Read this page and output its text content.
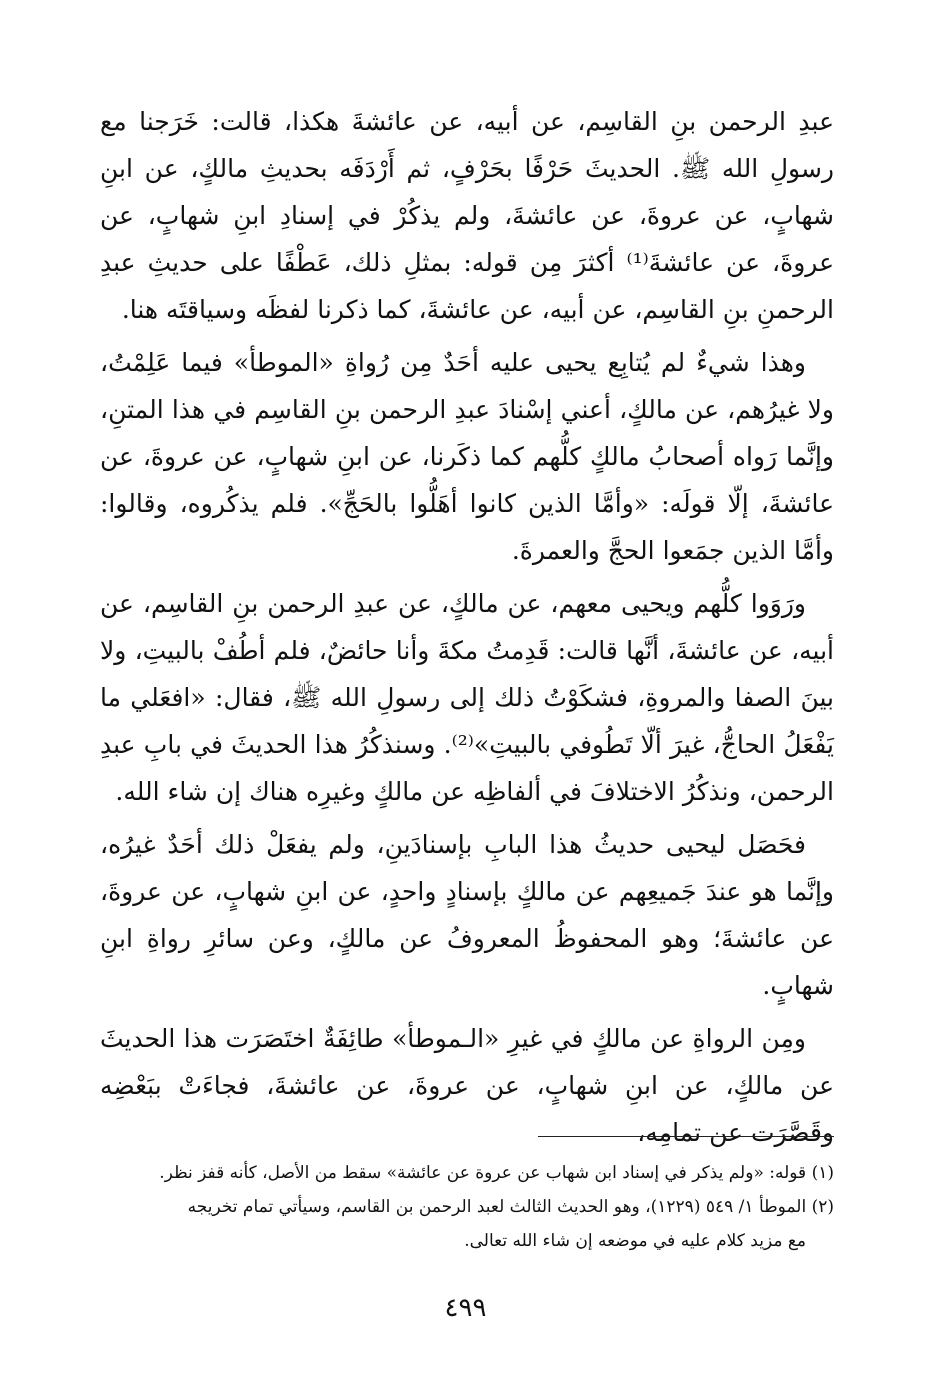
عبدِ الرحمن بنِ القاسِم، عن أبيه، عن عائشةَ هكذا، قالت: خَرَجنا مع رسولِ الله ﷺ. الحديثَ حَرْفًا بحَرْفٍ، ثم أَرْدَفَه بحديثِ مالكٍ، عن ابنِ شهابٍ، عن عروةَ، عن عائشةَ، ولم يذكُرْ في إسنادِ ابنِ شهابٍ، عن عروةَ، عن عائشةَ⁽¹⁾ أكثرَ مِن قوله: بمثلِ ذلك، عَطْفًا على حديثِ عبدِ الرحمنِ بنِ القاسِم، عن أبيه، عن عائشةَ، كما ذكرنا لفظَه وسياقتَه هنا.

وهذا شيءٌ لم يُتابِع يحيى عليه أحَدٌ مِن رُواةِ «الموطأ» فيما عَلِمْتُ، ولا غيرُهم، عن مالكٍ، أعني إسْنادَ عبدِ الرحمن بنِ القاسِم في هذا المتنِ، وإنَّما رَواه أصحابُ مالكٍ كلُّهم كما ذكَرنا، عن ابنِ شهابٍ، عن عروةَ، عن عائشةَ، إلّا قولَه: «وأمَّا الذين كانوا أهَلُّوا بالحَجِّ». فلم يذكُروه، وقالوا: وأمَّا الذين جمَعوا الحجَّ والعمرةَ.

ورَوَوا كلُّهم ويحيى معهم، عن مالكٍ، عن عبدِ الرحمن بنِ القاسِم، عن أبيه، عن عائشةَ، أنَّها قالت: قَدِمتُ مكةَ وأنا حائضٌ، فلم أطُفْ بالبيتِ، ولا بينَ الصفا والمروةِ، فشكَوْتُ ذلك إلى رسولِ الله ﷺ، فقال: «افعَلي ما يَفْعَلُ الحاجُّ، غيرَ ألّا تَطُوفي بالبيتِ»⁽²⁾. وسنذكُرُ هذا الحديثَ في بابِ عبدِ الرحمن، ونذكُرُ الاختلافَ في ألفاظِه عن مالكٍ وغيرِه هناك إن شاء الله.

فحَصَل ليحيى حديثُ هذا البابِ بإسنادَينِ، ولم يفعَلْ ذلك أحَدٌ غيرُه، وإنَّما هو عندَ جَميعِهم عن مالكٍ بإسنادٍ واحدٍ، عن ابنِ شهابٍ، عن عروةَ، عن عائشةَ؛ وهو المحفوظُ المعروفُ عن مالكٍ، وعن سائرِ رواةِ ابنِ شهابٍ.

ومِن الرواةِ عن مالكٍ في غيرِ «الـموطأ» طائِفَةٌ اختَصَرَت هذا الحديثَ عن مالكٍ، عن ابنِ شهابٍ، عن عروةَ، عن عائشةَ، فجاءَتْ ببَعْضِه وقَصَّرَت عن تمامِه،

(١) قوله: «ولم يذكر في إسناد ابن شهاب عن عروة عن عائشة» سقط من الأصل، كأنه قفز نظر.

(٢) الموطأ ١/ ٥٤٩ (١٢٢٩)، وهو الحديث الثالث لعبد الرحمن بن القاسم، وسيأتي تمام تخريجه

مع مزيد كلام عليه في موضعه إن شاء الله تعالى.

٤٩٩
